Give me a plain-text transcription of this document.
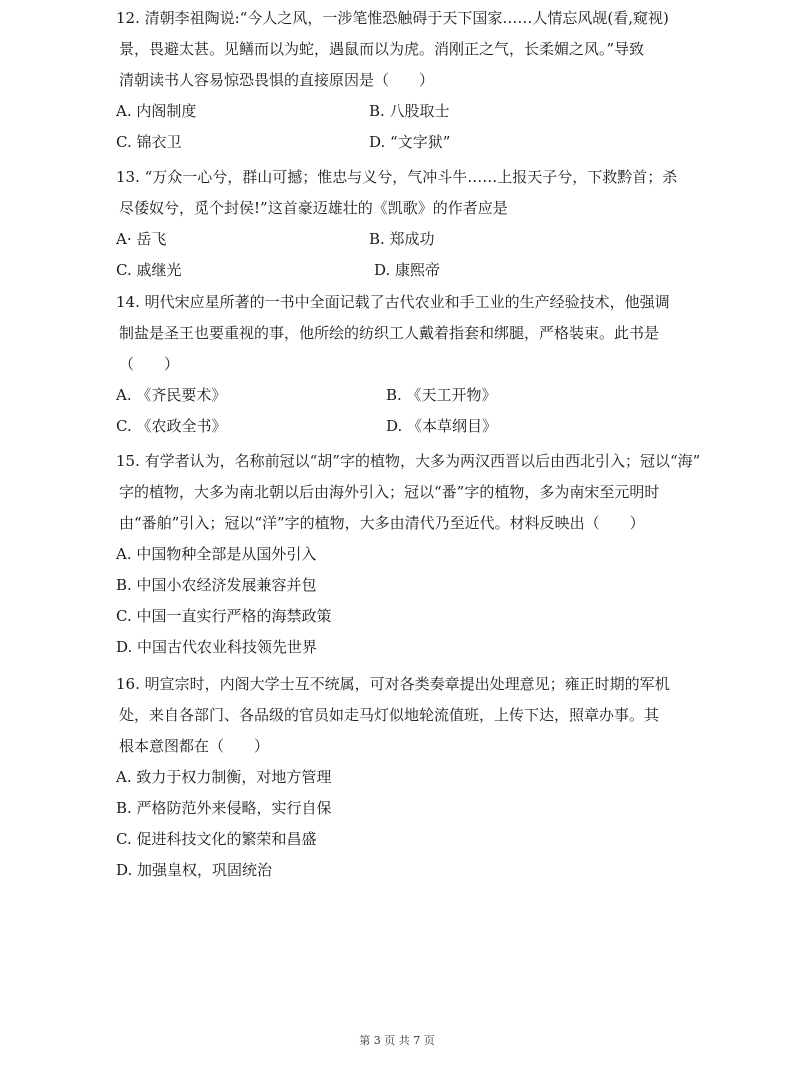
12. 清朝李祖陶说:“今人之风，一涉笔惟恐触碍于天下国家……人情忘风觇(看,窥视)
景，畏避太甚。见鳝而以为蛇，遇鼠而以为虎。消刚正之气，长柔媚之风。”导致
清朝读书人容易惊恐畏惧的直接原因是（　　）
A. 内阁制度	B. 八股取士
C. 锦衣卫	D. “文字狱”
13. “万众一心兮，群山可撼；惟忠与义兮，气冲斗牛……上报天子兮，下救黔首；杀
尽倭奴兮，觅个封侯!”这首豪迈雄壮的《凯歌》的作者应是
A· 岳飞	B. 郑成功
C. 戚继光	D. 康熙帝
14. 明代宋应星所著的一书中全面记载了古代农业和手工业的生产经验技术，他强调
制盐是圣王也要重视的事，他所绘的纺织工人戴着指套和绑腿，严格装束。此书是
（　　）
A. 《齐民要术》	B. 《天工开物》
C. 《农政全书》	D. 《本草纲目》
15. 有学者认为，名称前冠以“胡”字的植物，大多为两汉西晋以后由西北引入；冠以“海”
字的植物，大多为南北朝以后由海外引入；冠以“番”字的植物，多为南宋至元明时
由“番舶”引入；冠以“洋”字的植物，大多由清代乃至近代。材料反映出（　　）
A. 中国物种全部是从国外引入
B. 中国小农经济发展兼容并包
C. 中国一直实行严格的海禁政策
D. 中国古代农业科技领先世界
16. 明宣宗时，内阁大学士互不统属，可对各类奏章提出处理意见；雍正时期的军机
处，来自各部门、各品级的官员如走马灯似地轮流值班，上传下达，照章办事。其
根本意图都在（　　）
A. 致力于权力制衡，对地方管理
B. 严格防范外来侵略，实行自保
C. 促进科技文化的繁荣和昌盛
D. 加强皇权，巩固统治
第 3 页 共 7 页
